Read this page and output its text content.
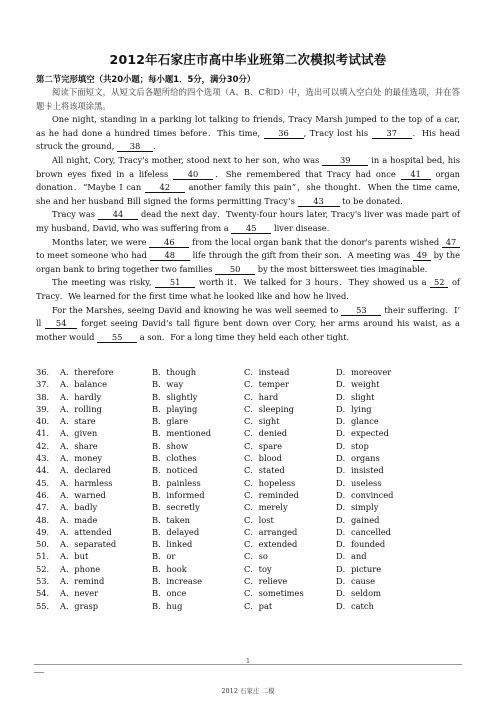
2012年石家庄市高中毕业班第二次模拟考试试卷
第二节完形填空（共20小题；每小题1．5分，满分30分）

阅读下面短文，从短文后各题所给的四个选项（A、B、C和D）中，选出可以填入空白处 的最佳选项，并在答题卡上将该项涂黑。

One night, standing in a parking lot talking to friends, Tracy Marsh jumped to the top of a car, as he had done a hundred times before．This time, 36 , Tracy lost his 37 ．His head struck the ground, 38 .

All night, Cory, Tracy's mother, stood next to her son, who was 39 in a hospital bed, his brown eyes fixed in a lifeless 40 ．She remembered that Tracy had once 41 organ donation．“Maybe I can 42 another family this pain”，she thought．When the time came, she and her husband Bill signed the forms permitting Tracy’s 43 to be donated．

Tracy was 44 dead the next day．Twenty-four hours later, Tracy's liver was made part of my husband, David, who was suffering from a 45 liver disease．

Months later, we were 46 from the local organ bank that the donor's parents wished 47 to meet someone who had 48 life through the gift from their son．A meeting was 49 by the organ bank to bring together two families 50 by the most bittersweet ties imaginable．

The meeting was risky, 51 worth it．We talked for 3 hours．They showed us a 52 of Tracy．We learned for the first time what he looked like and how he lived．

For the Marshes, seeing David and knowing he was well seemed to 53 their suffering．I’ ll 54 forget seeing David's tall figure bent down over Cory, her arms around his waist, as a mother would 55 a son．For a long time they held each other tight．

36． A．therefore	B．though	C．instead	D．moreover
37． A．balance	B．way	C．temper	D．weight
38． A．hardly	B．slightly	C．hard	D．slight
39． A．rolling	B．playing	C．sleeping	D．lying
40． A．stare	B．glare	C．sight	D．glance
41． A．given	B．mentioned	C．denied	D．expected
42． A．share	B．show	C．spare	D．stop
43． A．money	B．clothes	C．blood	D．organs
44． A．declared	B．noticed	C．stated	D．insisted
45． A．harmless	B．painless	C．hopeless	D．useless
46． A．warned	B．informed	C．reminded	D．convinced
47． A．badly	B．secretly	C．merely	D．simply
48． A．made	B．taken	C．lost	D．gained
49． A．attended	B．delayed	C．arranged	D．cancelled
50． A．separated	B．linked	C．extended	D．founded
51． A．but	B．or	C．so	D．and
52． A．phone	B．hook	C．toy	D．picture
53． A．remind	B．increase	C．relieve	D．cause
54． A．never	B．once	C．sometimes	D．seldom
55． A．grasp	B．hug	C．pat	D．catch
1
2012 石家庄 二模
